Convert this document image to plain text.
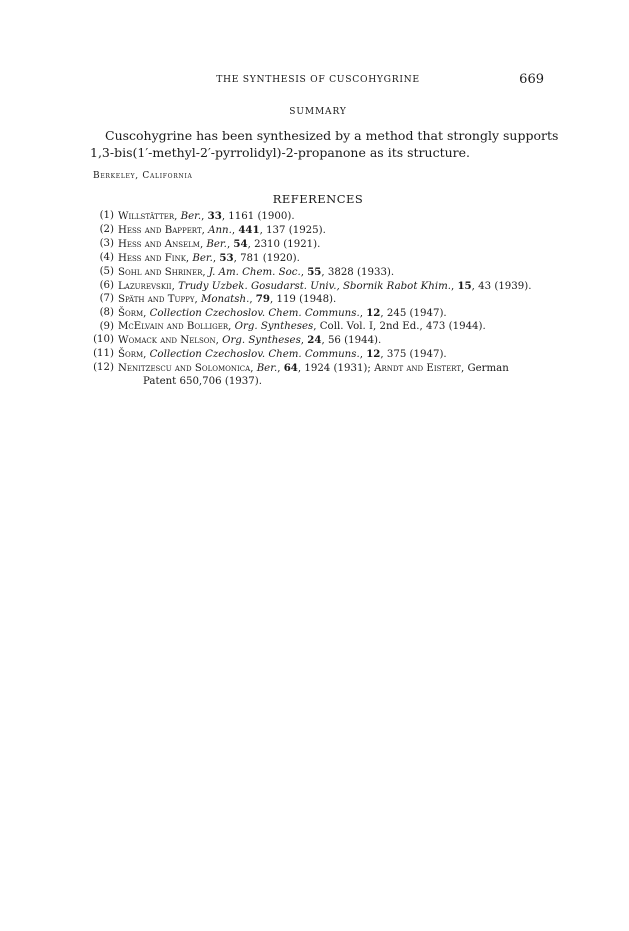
THE SYNTHESIS OF CUSCOHYGRINE	669
SUMMARY

Cuscohygrine has been synthesized by a method that strongly supports
1,3-bis(1′-methyl-2′-pyrrolidyl)-2-propanone as its structure.

Berkeley, California
REFERENCES
(1) Willstätter, Ber., 33, 1161 (1900).
(2) Hess and Bappert, Ann., 441, 137 (1925).
(3) Hess and Anselm, Ber., 54, 2310 (1921).
(4) Hess and Fink, Ber., 53, 781 (1920).
(5) Sohl and Shriner, J. Am. Chem. Soc., 55, 3828 (1933).
(6) Lazurevskii, Trudy Uzbek. Gosudarst. Univ., Sbornik Rabot Khim., 15, 43 (1939).
(7) Späth and Tuppy, Monatsh., 79, 119 (1948).
(8) Šorm, Collection Czechoslov. Chem. Communs., 12, 245 (1947).
(9) McElvain and Bolliger, Org. Syntheses, Coll. Vol. I, 2nd Ed., 473 (1944).
(10) Womack and Nelson, Org. Syntheses, 24, 56 (1944).
(11) Šorm, Collection Czechoslov. Chem. Communs., 12, 375 (1947).
(12) Nenitzescu and Solomonica, Ber., 64, 1924 (1931); Arndt and Eistert, German
Patent 650,706 (1937).
